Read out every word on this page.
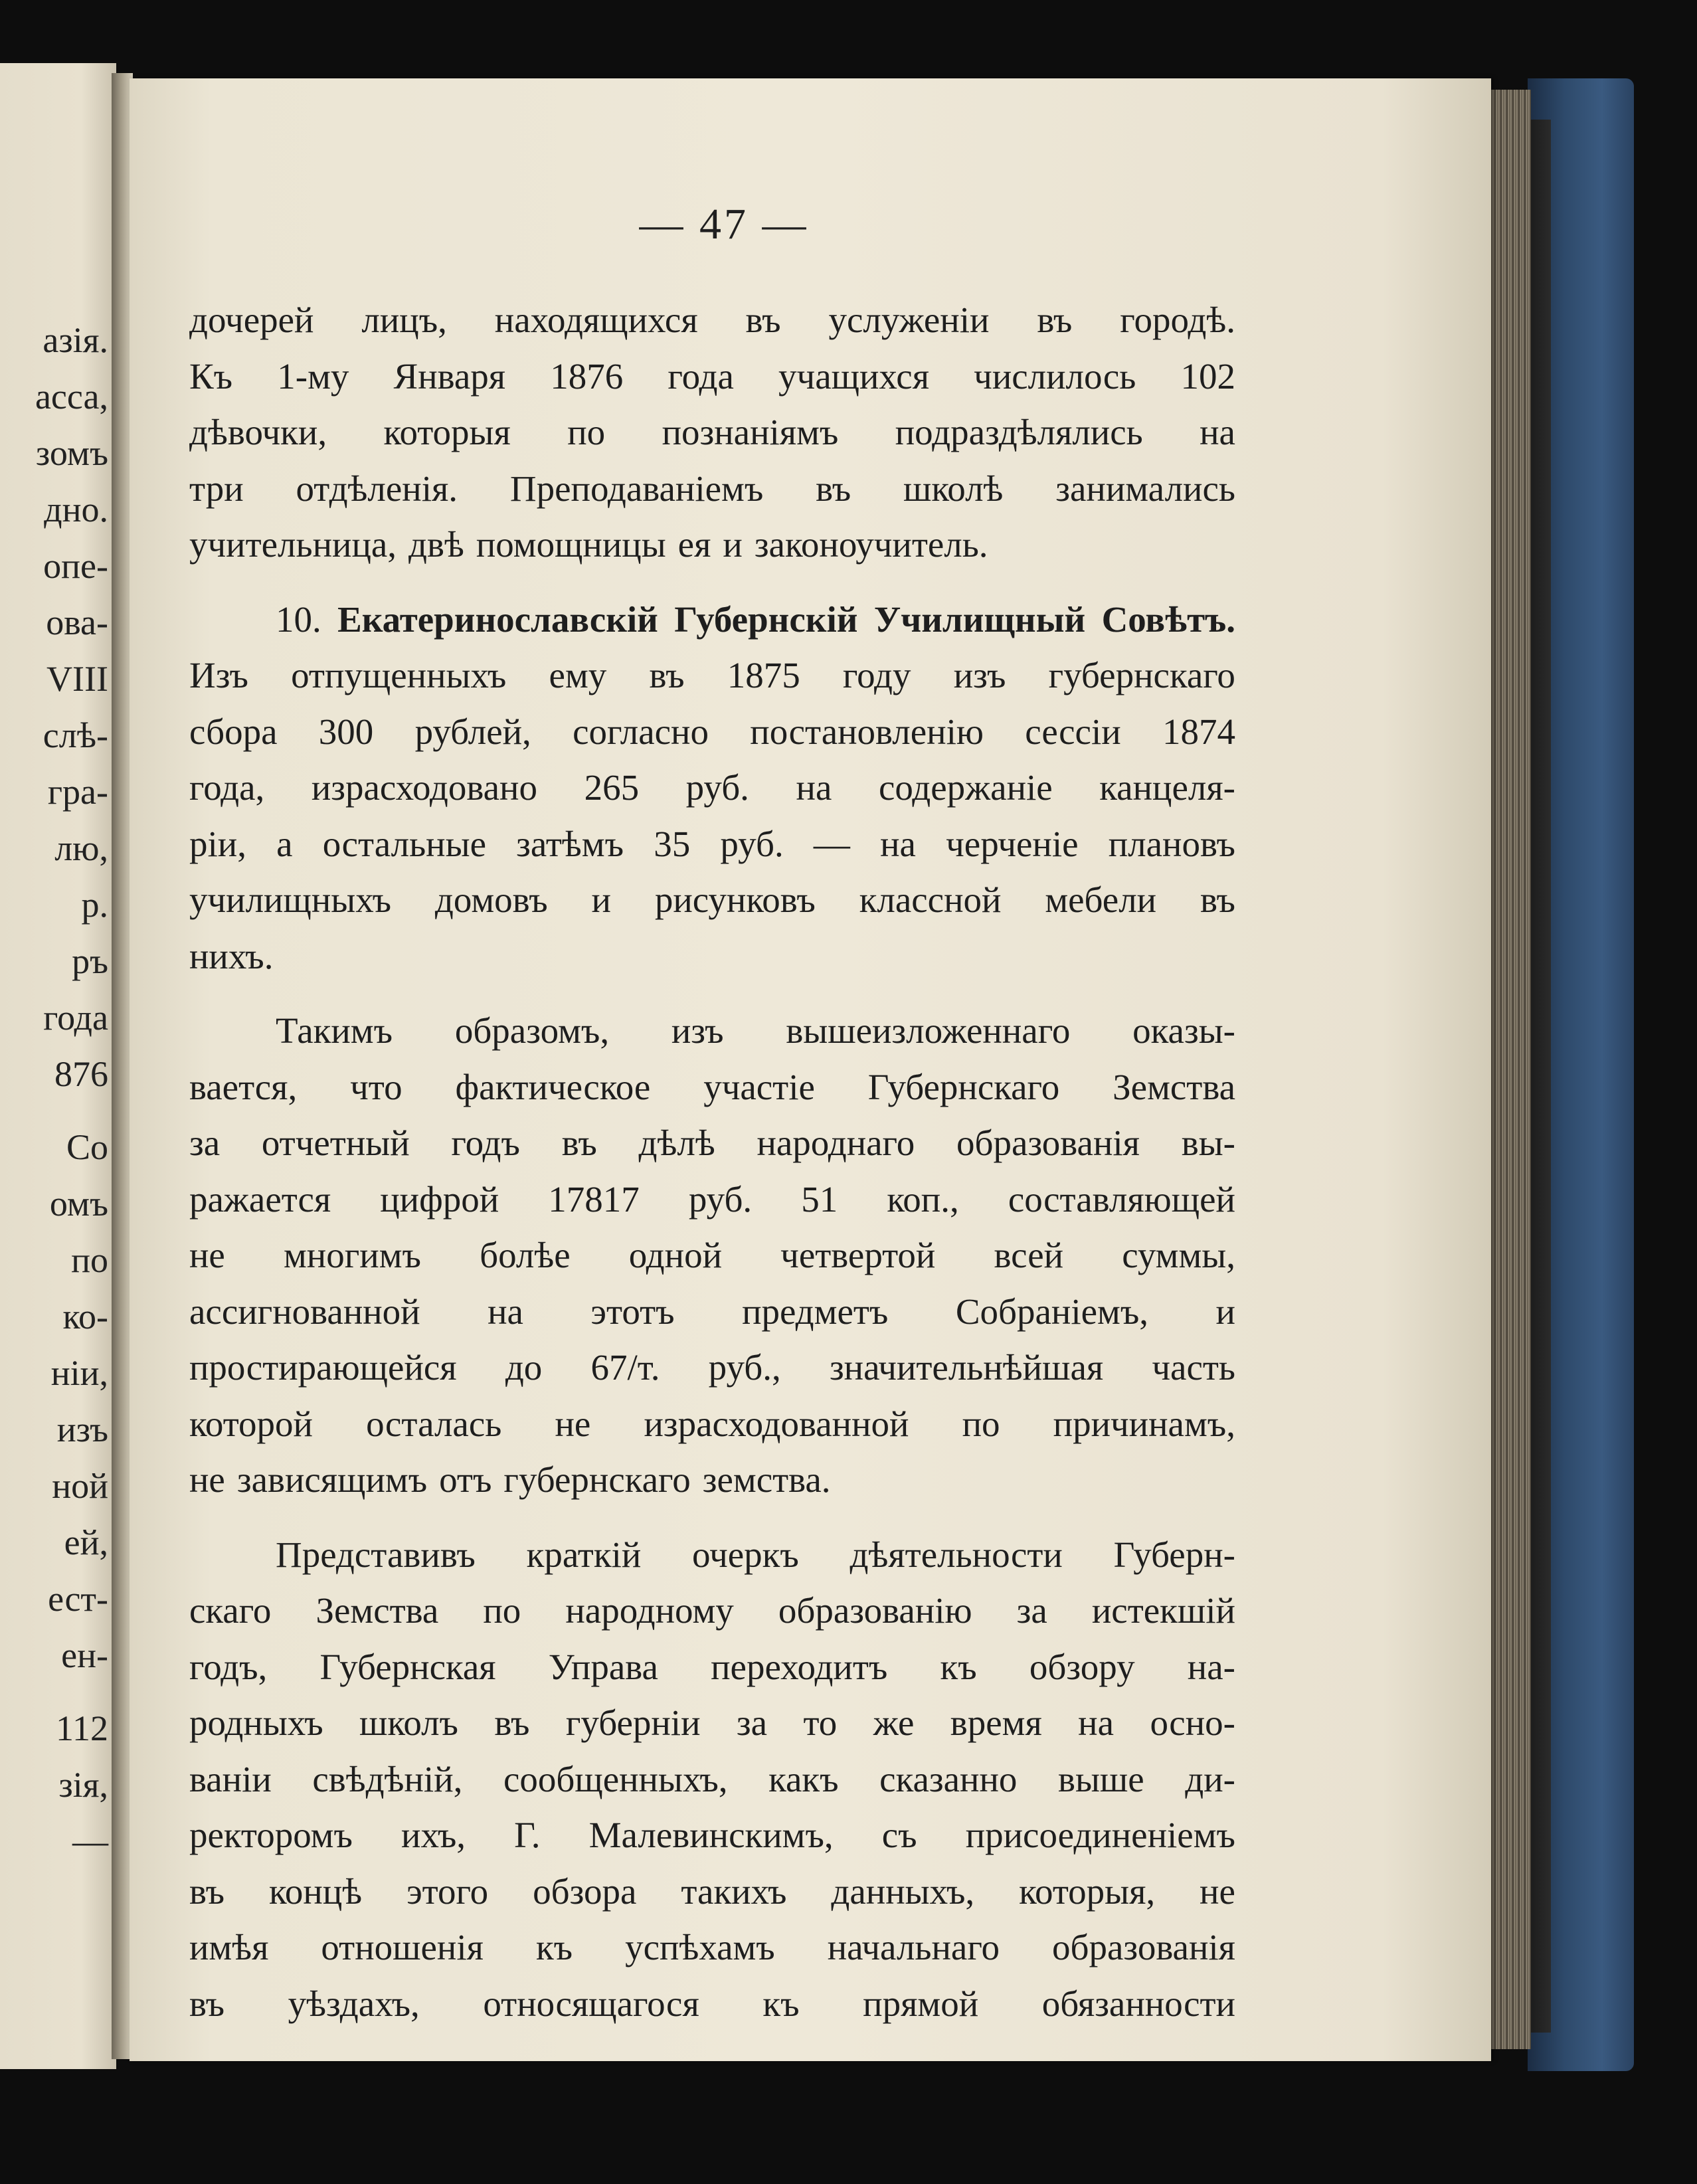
азія.
асса,
зомъ
дно.
опе-
ова-
VIII
слѣ-
гра-
лю,
р.
ръ
года
876
Со
омъ
по
ко-
ніи,
изъ
ной
ей,
ест-
ен-
112
зія,
—
— 47 —
дочерей лицъ, находящихся въ услуженіи въ городѣ.
Къ 1-му Января 1876 года учащихся числилось 102
дѣвочки, которыя по познаніямъ подраздѣлялись на
три отдѣленія. Преподаваніемъ въ школѣ занимались
учительница, двѣ помощницы ея и законоучитель.
10. Екатеринославскій Губернскій Училищный Совѣтъ.
Изъ отпущенныхъ ему въ 1875 году изъ губернскаго
сбора 300 рублей, согласно постановленію сессіи 1874
года, израсходовано 265 руб. на содержаніе канцеля-
ріи, а остальные затѣмъ 35 руб. — на черченіе плановъ
училищныхъ домовъ и рисунковъ классной мебели въ
нихъ.
Такимъ образомъ, изъ вышеизложеннаго оказы-
вается, что фактическое участіе Губернскаго Земства
за отчетный годъ въ дѣлѣ народнаго образованія вы-
ражается цифрой 17817 руб. 51 коп., составляющей
не многимъ болѣе одной четвертой всей суммы,
ассигнованной на этотъ предметъ Собраніемъ, и
простирающейся до 67/т. руб., значительнѣйшая часть
которой осталась не израсходованной по причинамъ,
не зависящимъ отъ губернскаго земства.
Представивъ краткій очеркъ дѣятельности Губерн-
скаго Земства по народному образованію за истекшій
годъ, Губернская Управа переходитъ къ обзору на-
родныхъ школъ въ губерніи за то же время на осно-
ваніи свѣдѣній, сообщенныхъ, какъ сказанно выше ди-
ректоромъ ихъ, Г. Малевинскимъ, съ присоединеніемъ
въ концѣ этого обзора такихъ данныхъ, которыя, не
имѣя отношенія къ успѣхамъ начальнаго образованія
въ уѣздахъ, относящагося къ прямой обязанности
